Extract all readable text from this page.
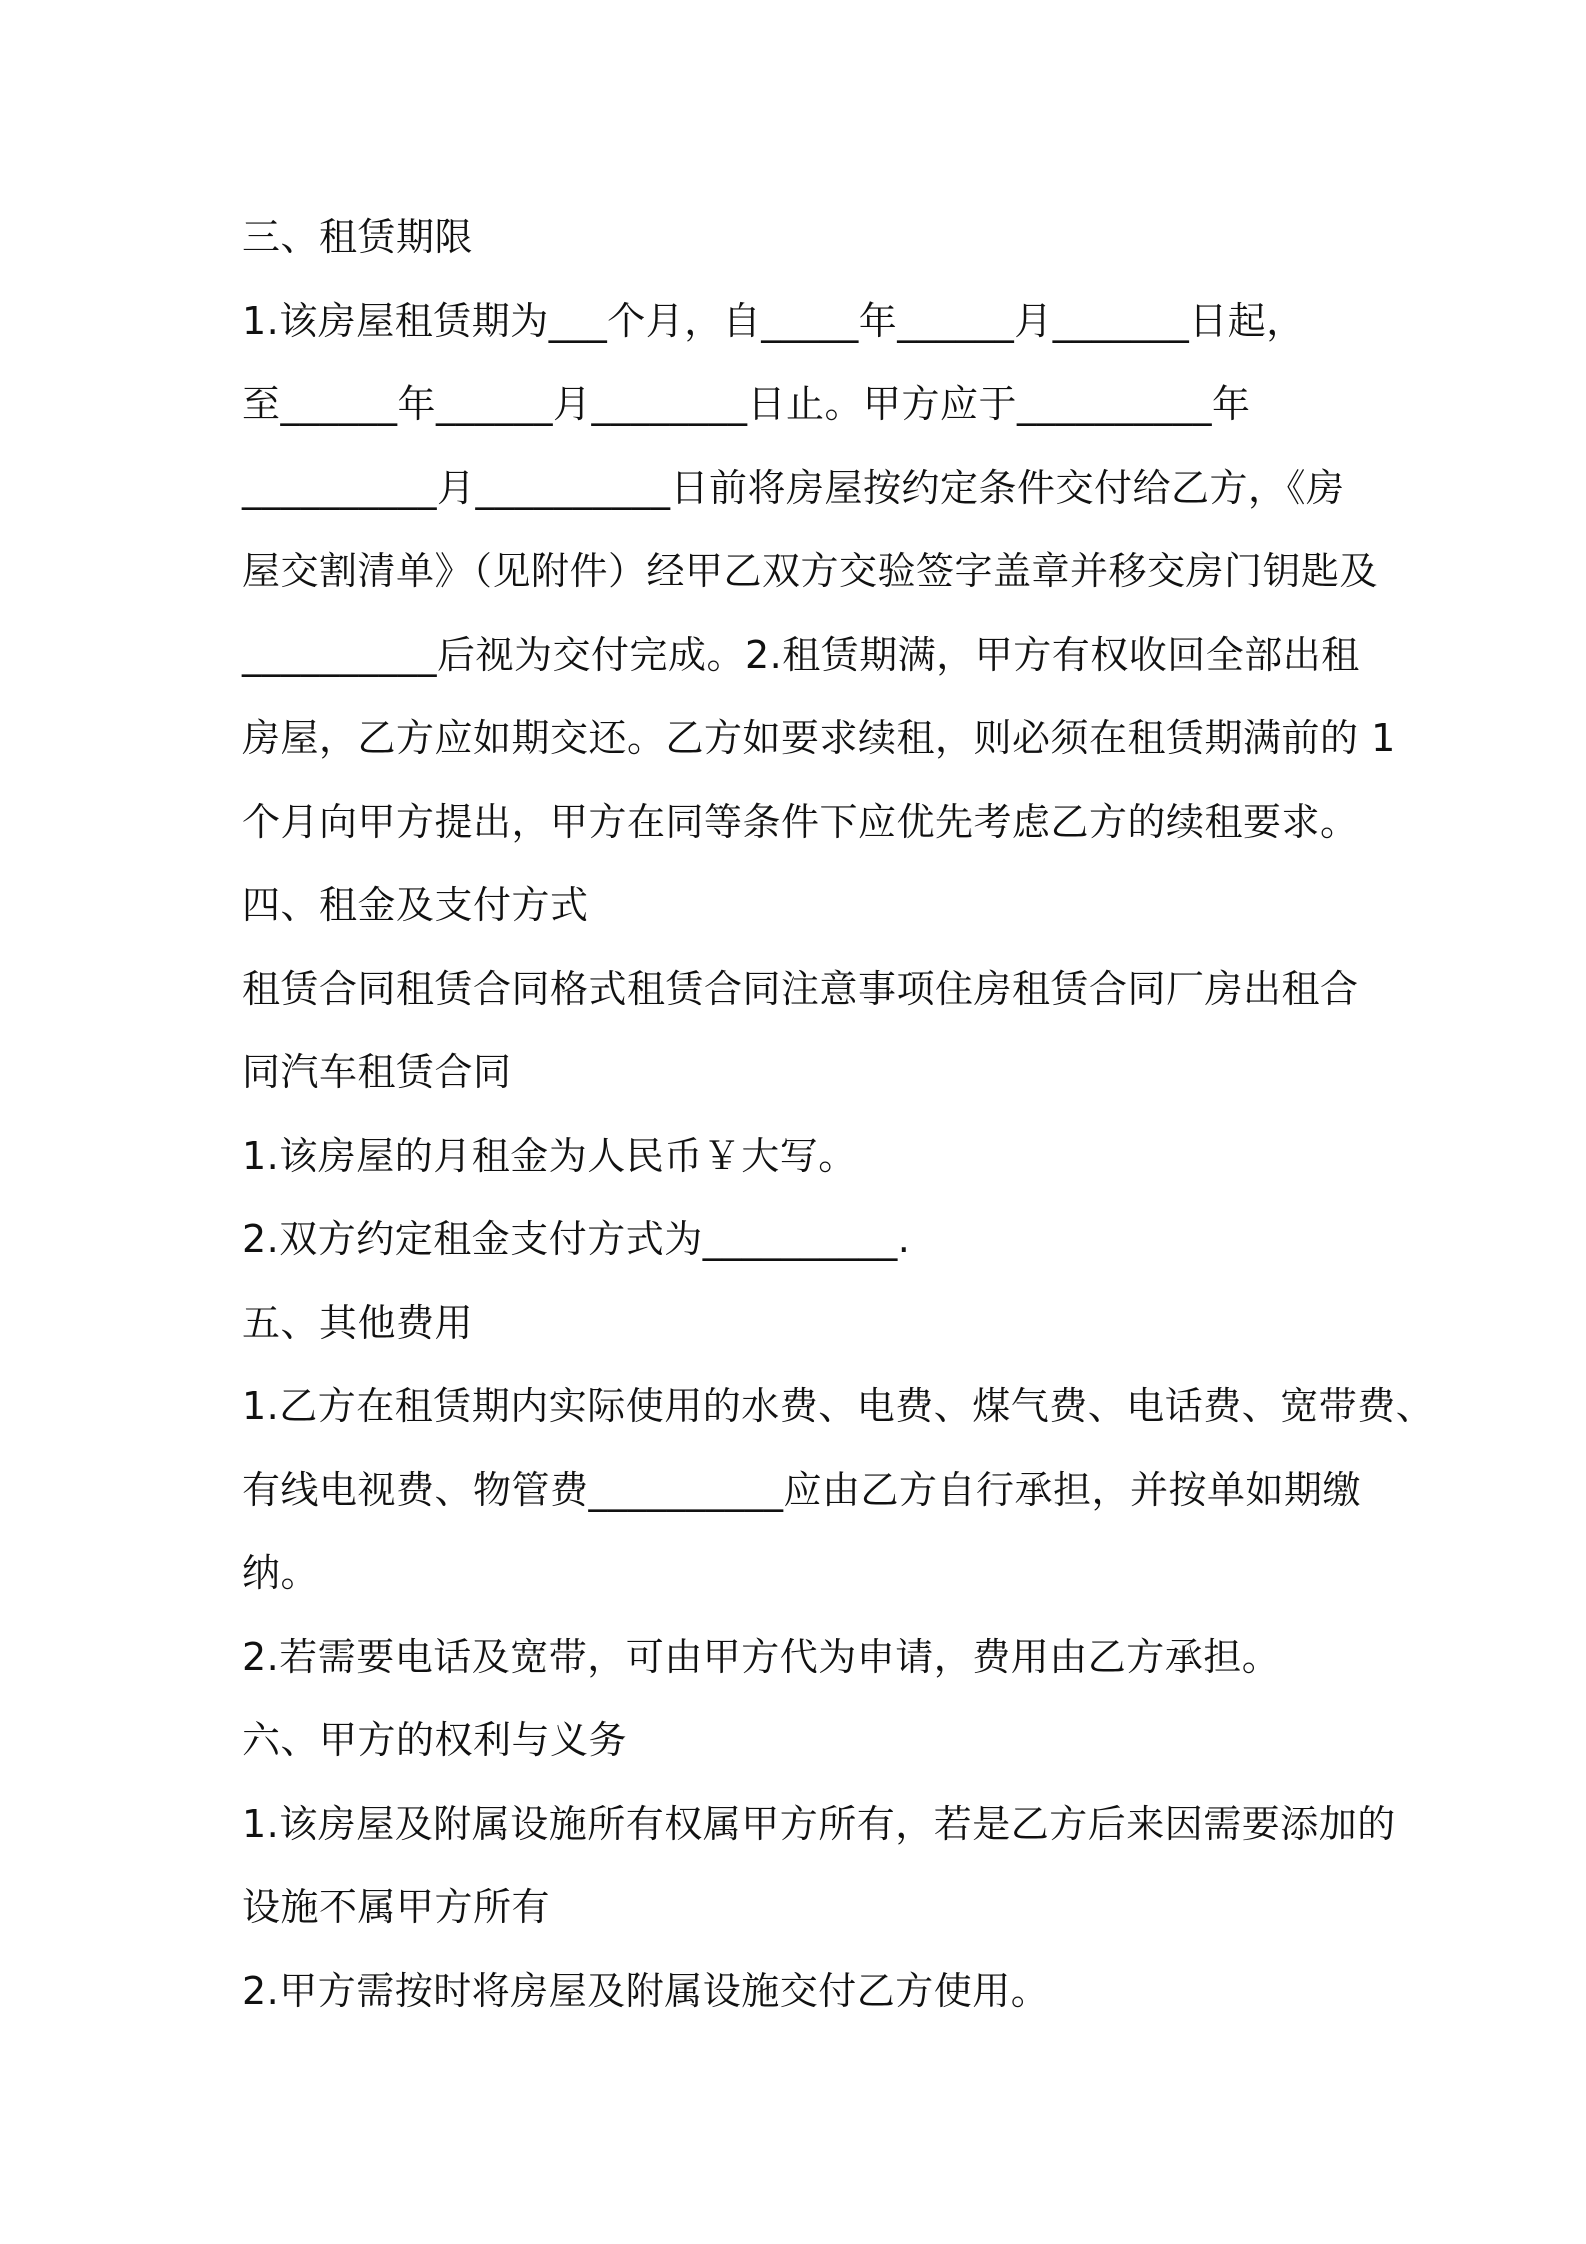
三、租赁期限
1.该房屋租赁期为___个月，自_____年______月_______日起，
至______年______月________日止。甲方应于__________年
__________月__________日前将房屋按约定条件交付给乙方，《房
屋交割清单》（见附件）经甲乙双方交验签字盖章并移交房门钥匙及
__________后视为交付完成。2.租赁期满，甲方有权收回全部出租
房屋，乙方应如期交还。乙方如要求续租，则必须在租赁期满前的 1
个月向甲方提出，甲方在同等条件下应优先考虑乙方的续租要求。
四、租金及支付方式
租赁合同租赁合同格式租赁合同注意事项住房租赁合同厂房出租合
同汽车租赁合同
1.该房屋的月租金为人民币￥大写。
2.双方约定租金支付方式为__________.
五、其他费用
1.乙方在租赁期内实际使用的水费、电费、煤气费、电话费、宽带费、
有线电视费、物管费__________应由乙方自行承担，并按单如期缴
纳。
2.若需要电话及宽带，可由甲方代为申请，费用由乙方承担。
六、甲方的权利与义务
1.该房屋及附属设施所有权属甲方所有，若是乙方后来因需要添加的
设施不属甲方所有
2.甲方需按时将房屋及附属设施交付乙方使用。
